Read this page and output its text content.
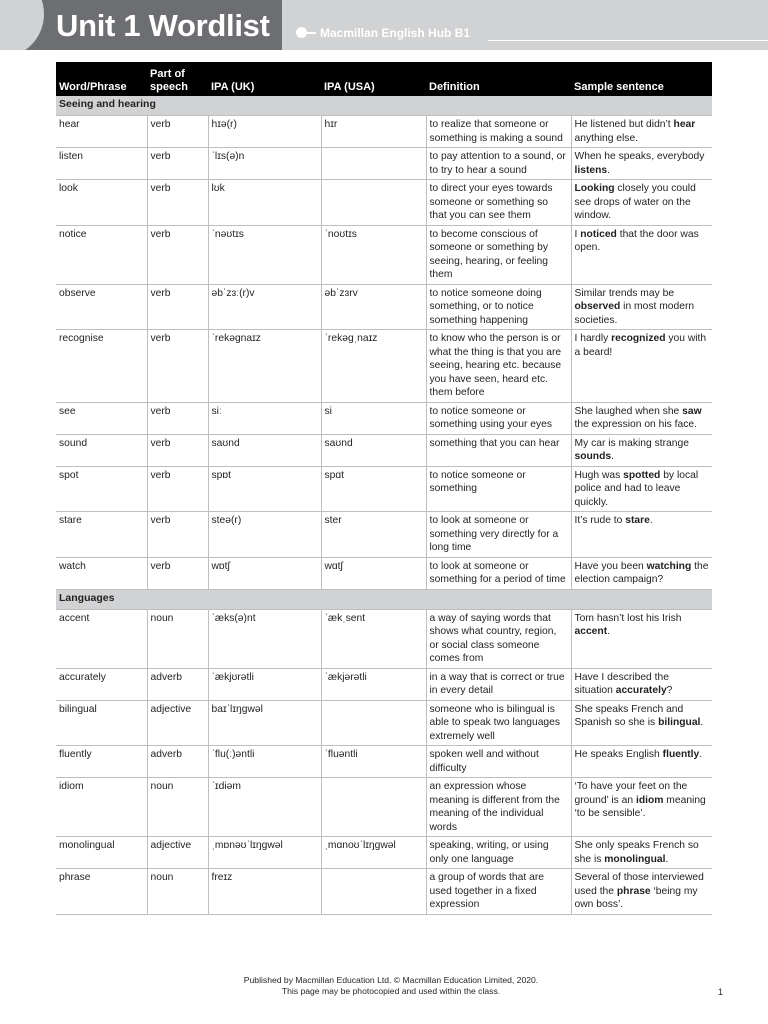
Unit 1 Wordlist	Macmillan English Hub B1
Word/Phrase	Part of speech	IPA (UK)	IPA (USA)	Definition	Sample sentence
Seeing and hearing					
hear	verb	hɪə(r)	hɪr	to realize that someone or something is making a sound	He listened but didn’t hear anything else.
listen	verb	ˈlɪs(ə)n		to pay attention to a sound, or to try to hear a sound	When he speaks, everybody listens.
look	verb	lʊk		to direct your eyes towards someone or something so that you can see them	Looking closely you could see drops of water on the window.
notice	verb	ˈnəʊtɪs	ˈnoʊtɪs	to become conscious of someone or something by seeing, hearing, or feeling them	I noticed that the door was open.
observe	verb	əbˈzɜː(r)v	əbˈzɜrv	to notice someone doing something, or to notice something happening	Similar trends may be observed in most modern societies.
recognise	verb	ˈrekəɡnaɪz	ˈrekəɡˌnaɪz	to know who the person is or what the thing is that you are seeing, hearing etc. because you have seen, heard etc. them before	I hardly recognized you with a beard!
see	verb	siː	si	to notice someone or something using your eyes	She laughed when she saw the expression on his face.
sound	verb	saʊnd	saʊnd	something that you can hear	My car is making strange sounds.
spot	verb	spɒt	spɑt	to notice someone or something	Hugh was spotted by local police and had to leave quickly.
stare	verb	steə(r)	ster	to look at someone or something very directly for a long time	It’s rude to stare.
watch	verb	wɒtʃ	wɑtʃ	to look at someone or something for a period of time	Have you been watching the election campaign?
Languages					
accent	noun	ˈæks(ə)nt	ˈækˌsent	a way of saying words that shows what country, region, or social class someone comes from	Tom hasn’t lost his Irish accent.
accurately	adverb	ˈækjʊrətli	ˈækjərətli	in a way that is correct or true in every detail	Have I described the situation accurately?
bilingual	adjective	baɪˈlɪŋɡwəl		someone who is bilingual is able to speak two languages extremely well	She speaks French and Spanish so she is bilingual.
fluently	adverb	ˈflu(ː)əntli	ˈfluəntli	spoken well and without difficulty	He speaks English fluently.
idiom	noun	ˈɪdiəm		an expression whose meaning is different from the meaning of the individual words	‘To have your feet on the ground’ is an idiom meaning ‘to be sensible’.
monolingual	adjective	ˌmɒnəʊˈlɪŋɡwəl	ˌmɑnoʊˈlɪŋɡwəl	speaking, writing, or using only one language	She only speaks French so she is monolingual.
phrase	noun	freɪz		a group of words that are used together in a fixed expression	Several of those interviewed used the phrase ‘being my own boss’.
Published by Macmillan Education Ltd. © Macmillan Education Limited, 2020.
This page may be photocopied and used within the class.	1
